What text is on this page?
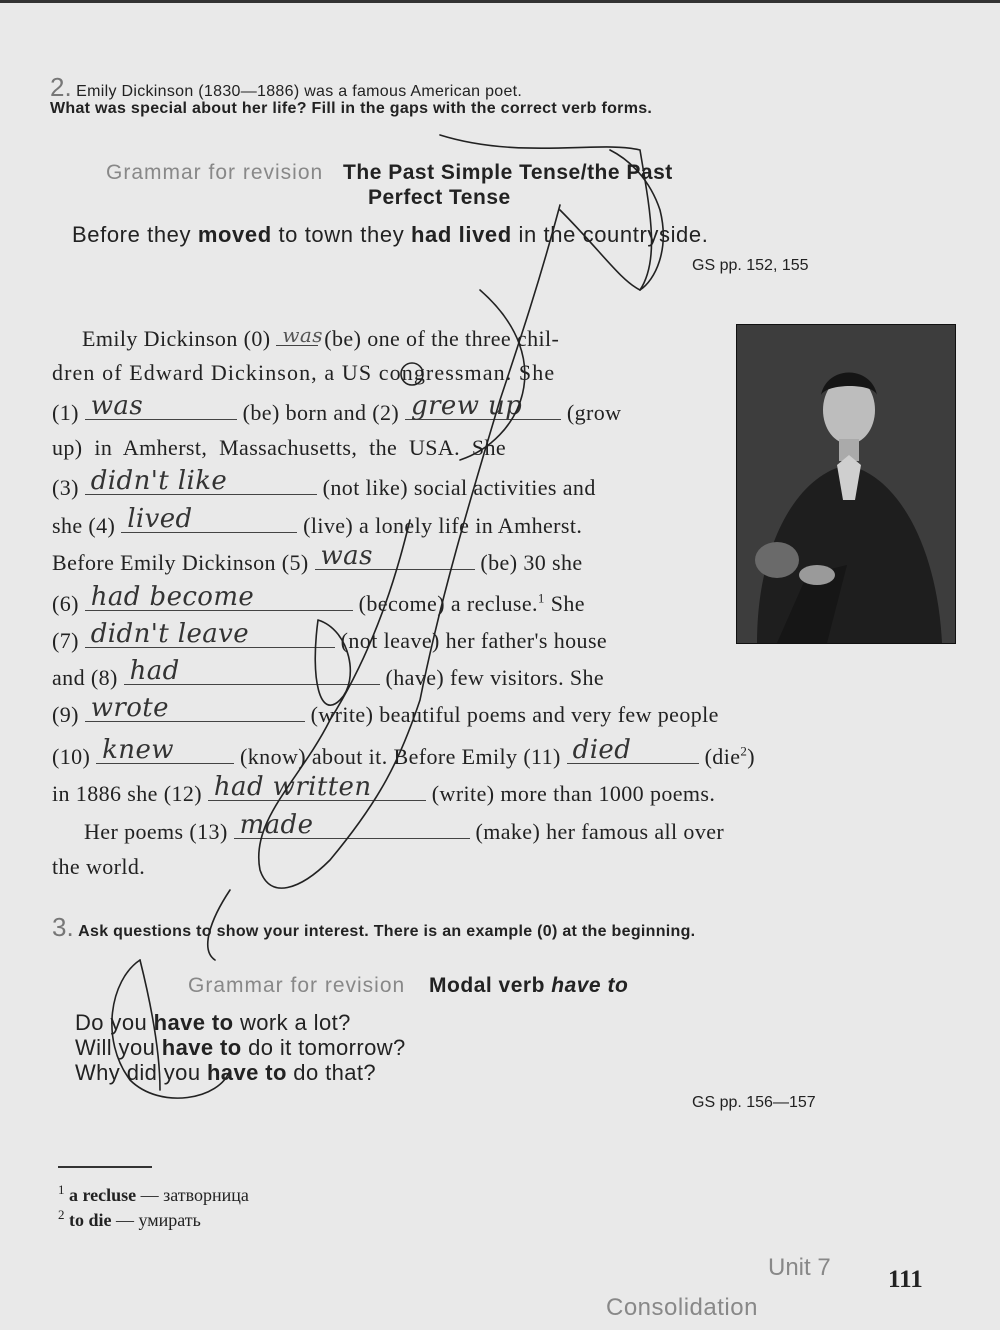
2. Emily Dickinson (1830—1886) was a famous American poet.
What was special about her life? Fill in the gaps with the correct verb forms.
Grammar for revision The Past Simple Tense/the Past
Perfect Tense
Before they moved to town they had lived in the countryside.
GS pp. 152, 155
Emily Dickinson (0) was
(be) one of the three chil-
dren of Edward Dickinson, a US congressman. She
(1) was	(be) born and (2) grew up (grow
up)  in  Amherst,  Massachusetts,  the  USA.  She
(3) didn't like	(not like) social activities and
she (4) lived	(live) a lonely life in Amherst.
Before Emily Dickinson (5) was	(be) 30 she
(6) had become	(become) a recluse.$^1$ She
(7) didn't leave	(not leave) her father's house
and (8) had	(have) few visitors. She
(9) wrote	(write) beautiful poems and very few people
(10) knew	(know) about it. Before Emily (11) died	(die$^2$)
in 1886 she (12) had written (write) more than 1000 poems.
Her poems (13) made	(make) her famous all over
the world.
3. Ask questions to show your interest. There is an example (0) at the beginning.
Grammar for revision Modal verb have to
Do you have to work a lot?
Will you have to do it tomorrow?
Why did you have to do that?
GS pp. 156—157
$^1$ a recluse — затворница
$^2$ to die — умирать
Unit 7 111
Consolidation
